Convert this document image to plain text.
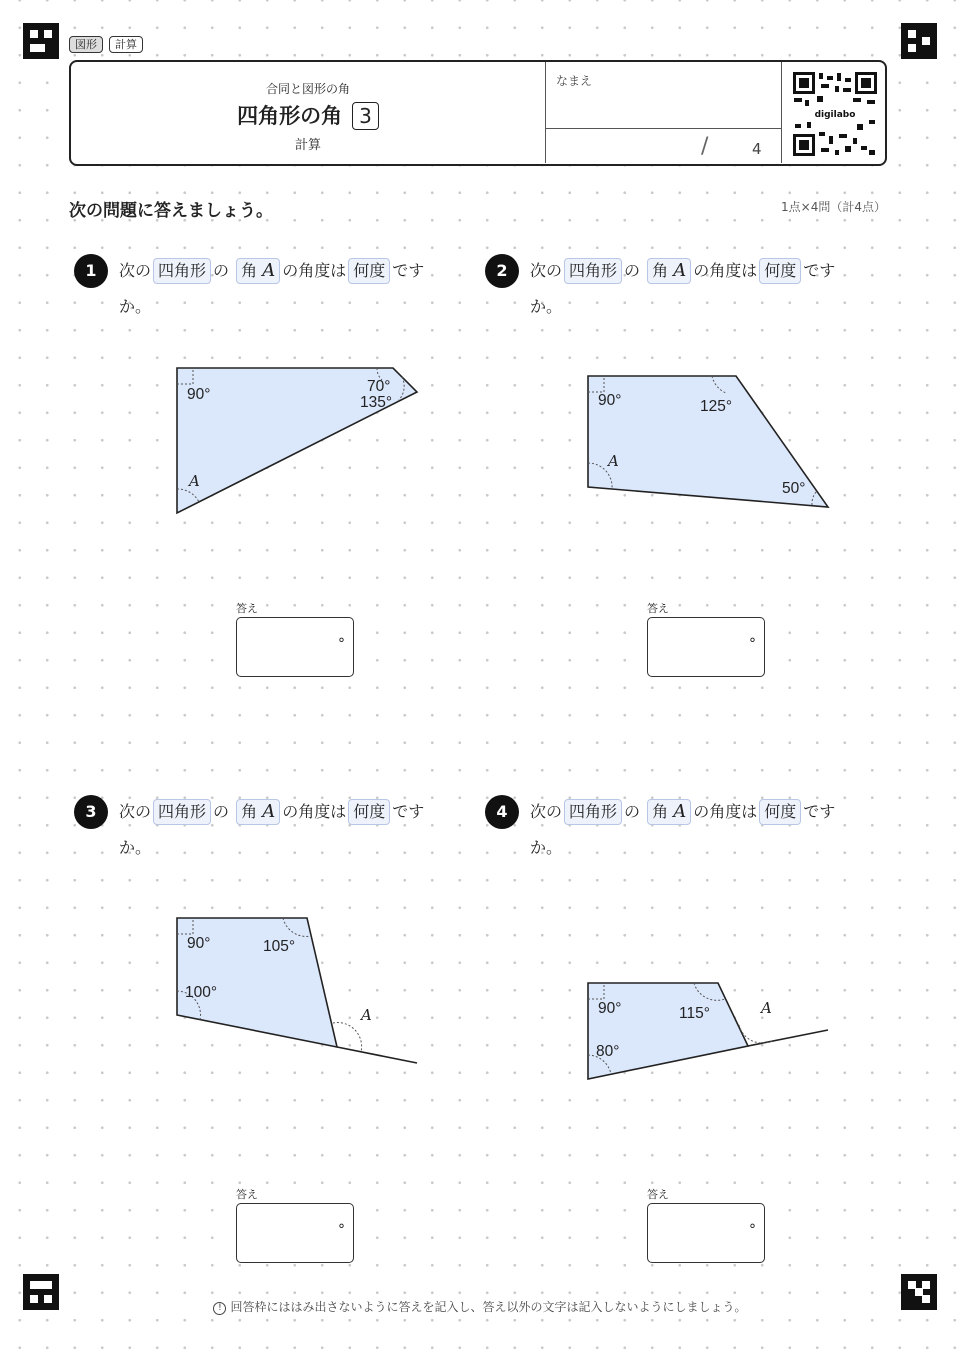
図形	計算
合同と図形の角
四角形の角 3
計算
なまえ
/	4
digilabo
次の問題に答えましょう。	1点×4問（計4点）
1	次の 四角形 の 角 A の角度は 何度 です
か。
90°	70°
135°
A
答え
°
2	次の 四角形 の 角 A の角度は 何度 です
か。
90°	125°
50°
A
答え
°
3	次の 四角形 の 角 A の角度は 何度 です
か。
90°	105°
100°
A
答え
°
4	次の 四角形 の 角 A の角度は 何度 です
か。
90°	115°
80°
A
答え
°
! 回答枠にははみ出さないように答えを記入し、答え以外の文字は記入しないようにしましょう。
